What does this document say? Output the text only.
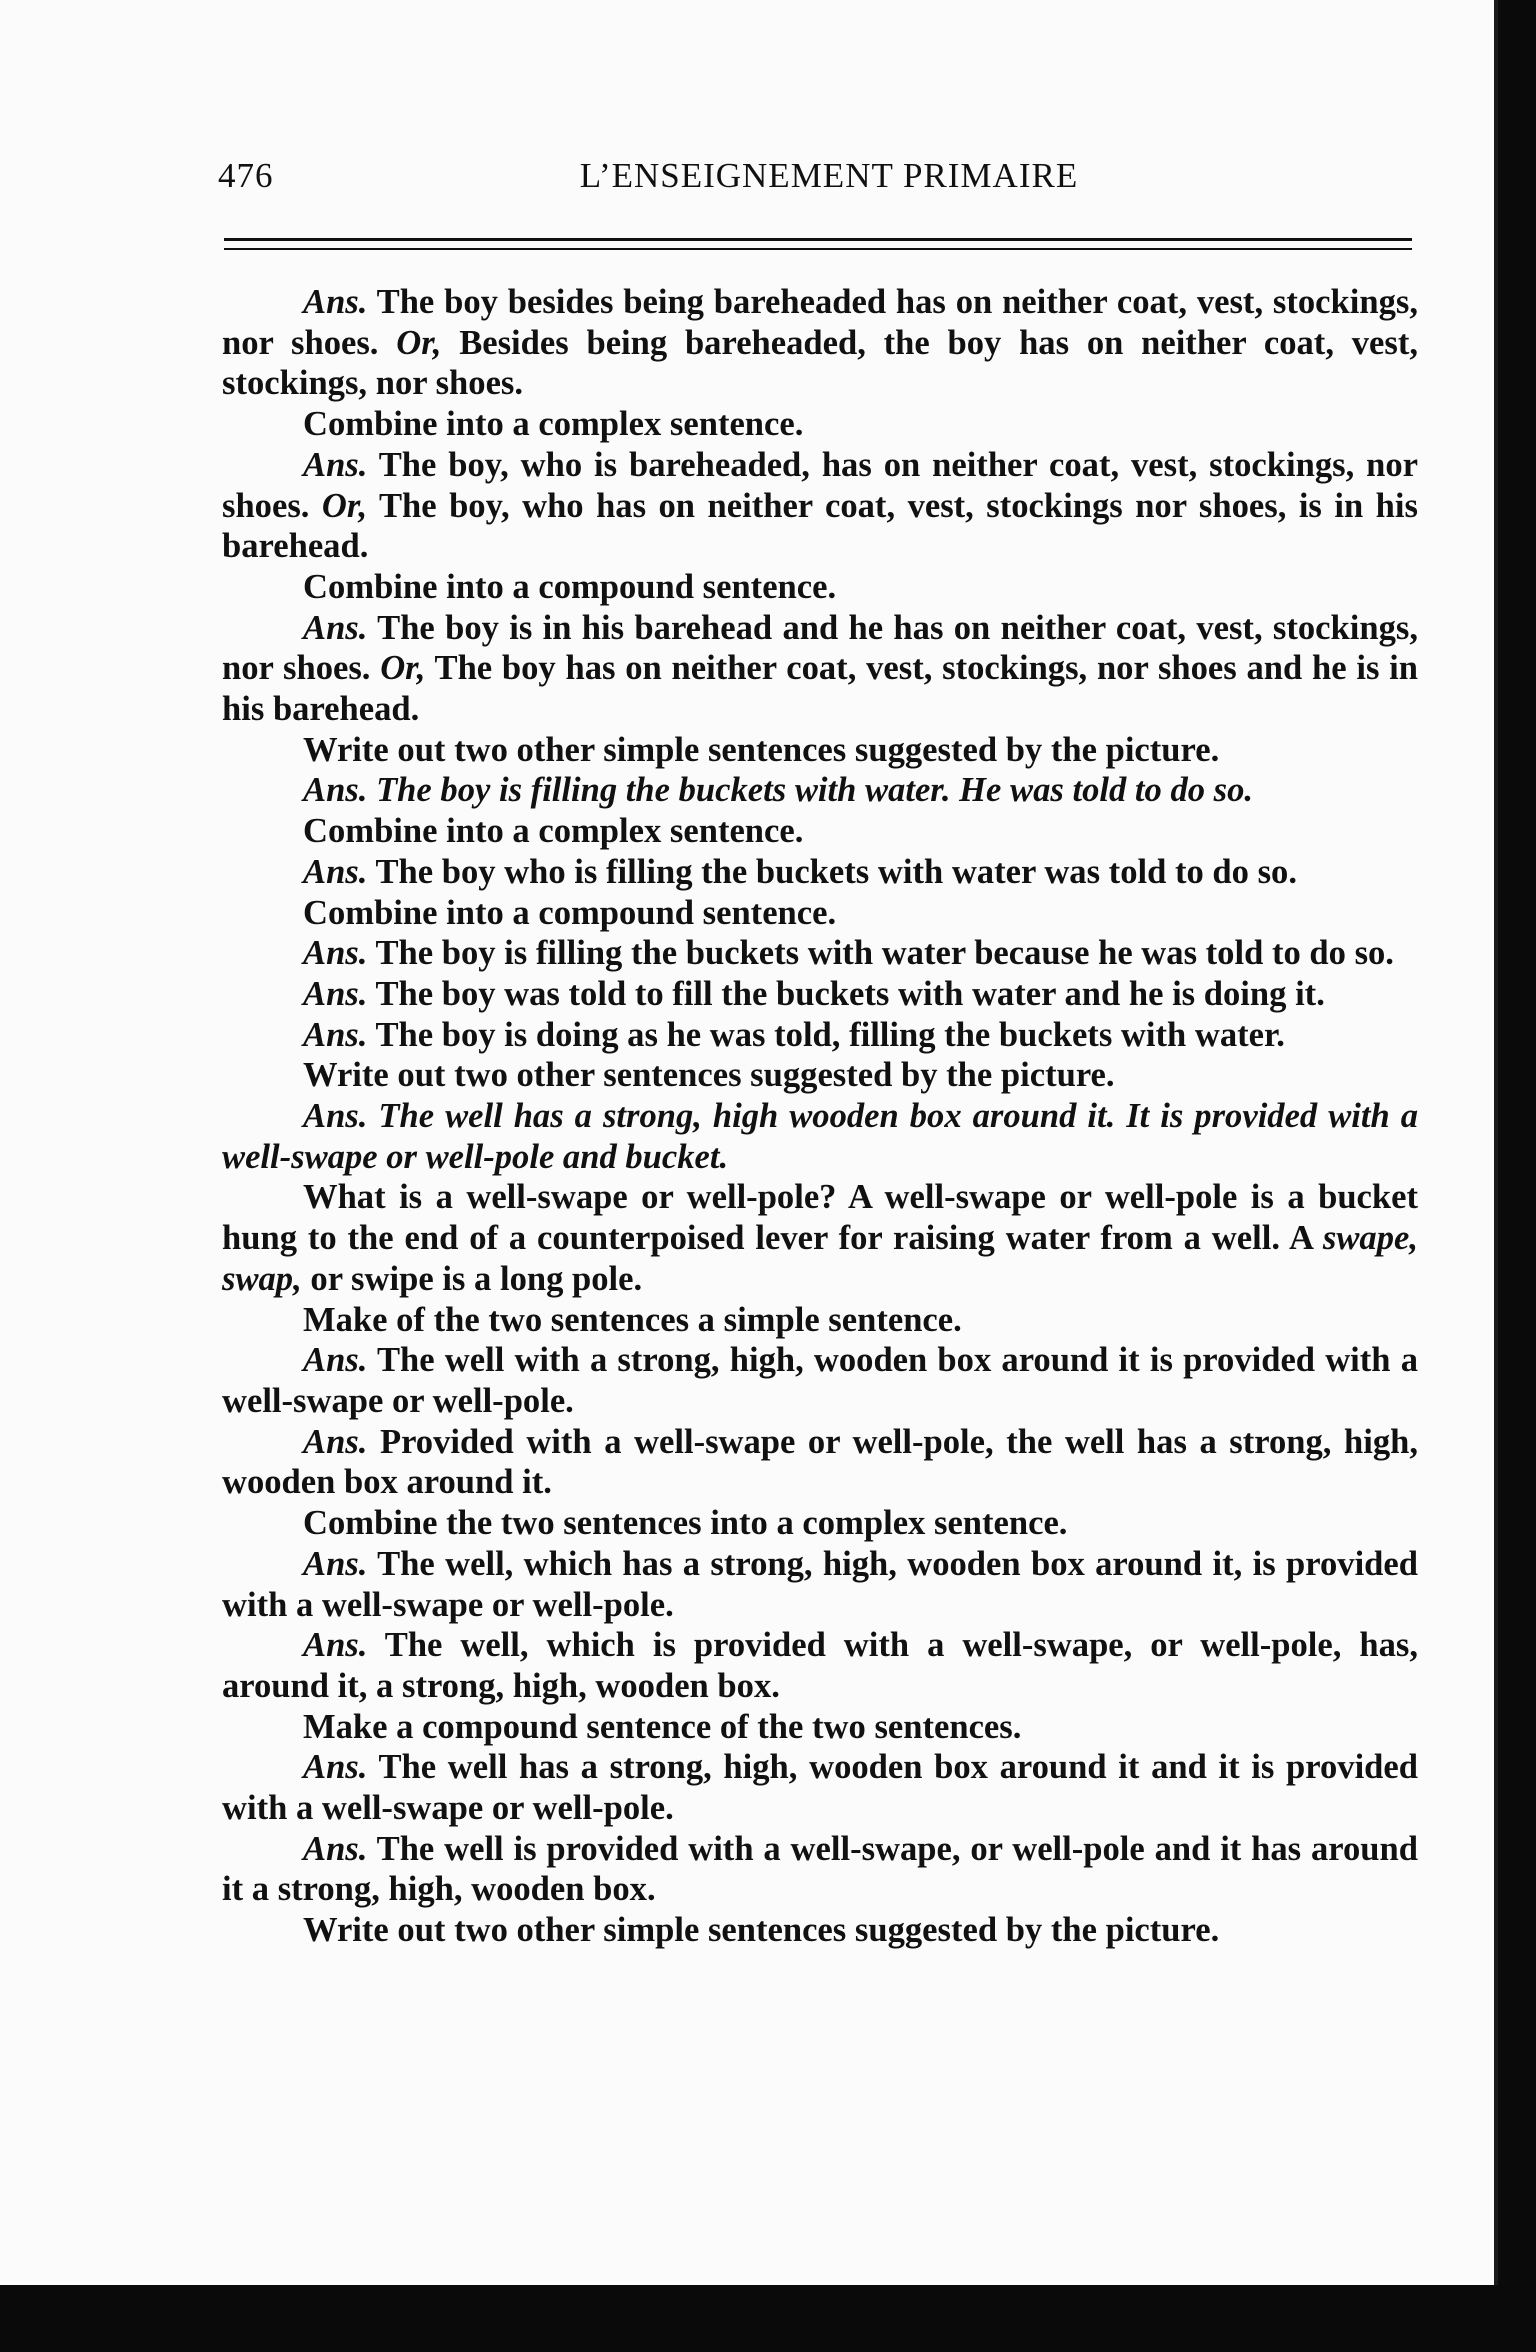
476	L’ENSEIGNEMENT PRIMAIRE

Ans. The boy besides being bareheaded has on neither coat, vest, stockings, nor shoes. Or, Besides being bareheaded, the boy has on neither coat, vest, stockings, nor shoes.

Combine into a complex sentence.

Ans. The boy, who is bareheaded, has on neither coat, vest, stockings, nor shoes. Or, The boy, who has on neither coat, vest, stockings nor shoes, is in his barehead.

Combine into a compound sentence.

Ans. The boy is in his barehead and he has on neither coat, vest, stockings, nor shoes. Or, The boy has on neither coat, vest, stockings, nor shoes and he is in his barehead.

Write out two other simple sentences suggested by the picture.

Ans. The boy is filling the buckets with water. He was told to do so.

Combine into a complex sentence.

Ans. The boy who is filling the buckets with water was told to do so.

Combine into a compound sentence.

Ans. The boy is filling the buckets with water because he was told to do so.

Ans. The boy was told to fill the buckets with water and he is doing it.

Ans. The boy is doing as he was told, filling the buckets with water.

Write out two other sentences suggested by the picture.

Ans. The well has a strong, high wooden box around it. It is provided with a well-swape or well-pole and bucket.

What is a well-swape or well-pole? A well-swape or well-pole is a bucket hung to the end of a counterpoised lever for raising water from a well. A swape, swap, or swipe is a long pole.

Make of the two sentences a simple sentence.

Ans. The well with a strong, high, wooden box around it is provided with a well-swape or well-pole.

Ans. Provided with a well-swape or well-pole, the well has a strong, high, wooden box around it.

Combine the two sentences into a complex sentence.

Ans. The well, which has a strong, high, wooden box around it, is provided with a well-swape or well-pole.

Ans. The well, which is provided with a well-swape, or well-pole, has, around it, a strong, high, wooden box.

Make a compound sentence of the two sentences.

Ans. The well has a strong, high, wooden box around it and it is provided with a well-swape or well-pole.

Ans. The well is provided with a well-swape, or well-pole and it has around it a strong, high, wooden box.

Write out two other simple sentences suggested by the picture.
